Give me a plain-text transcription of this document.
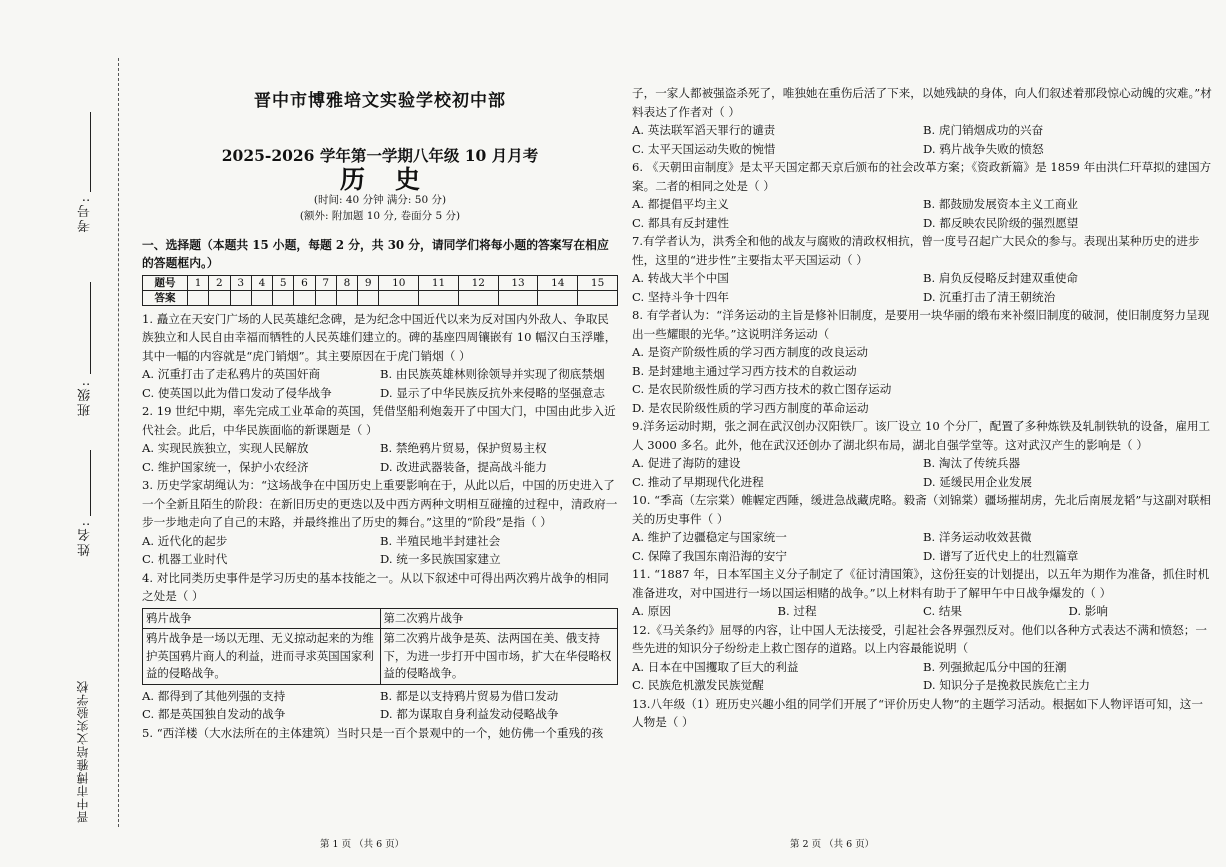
考号:
班级:
姓名:
晋中市博雅培文实验学校
晋中市博雅培文实验学校初中部
2025-2026 学年第一学期八年级 10 月月考
历史
(时间: 40 分钟 满分: 50 分)
(额外: 附加题 10 分, 卷面分 5 分)
一、选择题（本题共 15 小题，每题 2 分，共 30 分，请同学们将每小题的答案写在相应的答题框内。）
题号	1	2	3	4	5	6	7	8	9	10	11	12	13	14	15
答案															
1. 矗立在天安门广场的人民英雄纪念碑，是为纪念中国近代以来为反对国内外敌人、争取民族独立和人民自由幸福而牺牲的人民英雄们建立的。碑的基座四周镶嵌有 10 幅汉白玉浮雕，其中一幅的内容就是“虎门销烟”。其主要原因在于虎门销烟（ ）
A. 沉重打击了走私鸦片的英国奸商	B. 由民族英雄林则徐领导并实现了彻底禁烟
C. 使英国以此为借口发动了侵华战争	D. 显示了中华民族反抗外来侵略的坚强意志
2. 19 世纪中期，率先完成工业革命的英国，凭借坚船利炮轰开了中国大门，中国由此步入近代社会。此后，中华民族面临的新课题是（ ）
A. 实现民族独立，实现人民解放	B. 禁绝鸦片贸易，保护贸易主权
C. 维护国家统一，保护小农经济	D. 改进武器装备，提高战斗能力
3. 历史学家胡绳认为：“这场战争在中国历史上重要影响在于，从此以后，中国的历史进入了一个全新且陌生的阶段：在新旧历史的更迭以及中西方两种文明相互碰撞的过程中，清政府一步一步地走向了自己的末路，并最终推出了历史的舞台。”这里的“阶段”是指（ ）
A. 近代化的起步	B. 半殖民地半封建社会
C. 机器工业时代	D. 统一多民族国家建立
4. 对比同类历史事件是学习历史的基本技能之一。从以下叙述中可得出两次鸦片战争的相同之处是（ ）
鸦片战争	第二次鸦片战争
鸦片战争是一场以无理、无义掠动起来的为维护英国鸦片商人的利益，进而寻求英国国家利益的侵略战争。	第二次鸦片战争是英、法两国在美、俄支持下，为进一步打开中国市场，扩大在华侵略权益的侵略战争。
A. 都得到了其他列强的支持	B. 都是以支持鸦片贸易为借口发动
C. 都是英国独自发动的战争	D. 都为谋取自身利益发动侵略战争
5. “西洋楼（大水法所在的主体建筑）当时只是一百个景观中的一个，她仿佛一个重残的孩
子，一家人都被强盗杀死了，唯独她在重伤后活了下来，以她残缺的身体，向人们叙述着那段惊心动魄的灾难。”材料表达了作者对（ ）
A. 英法联军滔天罪行的谴责	B. 虎门销烟成功的兴奋
C. 太平天国运动失败的惋惜	D. 鸦片战争失败的愤怒
6. 《天朝田亩制度》是太平天国定都天京后颁布的社会改革方案；《资政新篇》是 1859 年由洪仁玕草拟的建国方案。二者的相同之处是（ ）
A. 都提倡平均主义	B. 都鼓励发展资本主义工商业
C. 都具有反封建性	D. 都反映农民阶级的强烈愿望
7.有学者认为，洪秀全和他的战友与腐败的清政权相抗，曾一度号召起广大民众的参与。表现出某种历史的进步性，这里的“进步性”主要指太平天国运动（ ）
A. 转战大半个中国	B. 肩负反侵略反封建双重使命
C. 坚持斗争十四年	D. 沉重打击了清王朝统治
8. 有学者认为：“洋务运动的主旨是修补旧制度，是要用一块华丽的缎布来补缀旧制度的破洞，使旧制度努力呈现出一些耀眼的光华。”这说明洋务运动（
A. 是资产阶级性质的学习西方制度的改良运动
B. 是封建地主通过学习西方技术的自救运动
C. 是农民阶级性质的学习西方技术的救亡图存运动
D. 是农民阶级性质的学习西方制度的革命运动
9.洋务运动时期，张之洞在武汉创办汉阳铁厂。该厂设立 10 个分厂，配置了多种炼铁及轧制铁轨的设备，雇用工人 3000 多名。此外，他在武汉还创办了湖北织布局，湖北自强学堂等。这对武汉产生的影响是（ ）
A. 促进了海防的建设	B. 淘汰了传统兵器
C. 推动了早期现代化进程	D. 延缓民用企业发展
10. “季高（左宗棠）帷幄定西陲，缓进急战藏虎略。毅斋（刘锦棠）疆场摧胡虏，先北后南展龙韬”与这副对联相关的历史事件（ ）
A. 维护了边疆稳定与国家统一	B. 洋务运动收效甚微
C. 保障了我国东南沿海的安宁	D. 谱写了近代史上的壮烈篇章
11. “1887 年，日本军国主义分子制定了《征讨清国策》，这份狂妄的计划提出，以五年为期作为准备，抓住时机准备进攻，对中国进行一场以国运相赌的战争。”以上材料有助于了解甲午中日战争爆发的（ ）
A. 原因	B. 过程	C. 结果	D. 影响
12.《马关条约》屈辱的内容，让中国人无法接受，引起社会各界强烈反对。他们以各种方式表达不满和愤怒；一些先进的知识分子纷纷走上救亡图存的道路。以上内容最能说明（
A. 日本在中国攫取了巨大的利益	B. 列强掀起瓜分中国的狂潮
C. 民族危机激发民族觉醒	D. 知识分子是挽救民族危亡主力
13.八年级（1）班历史兴趣小组的同学们开展了“评价历史人物”的主题学习活动。根据如下人物评语可知，这一人物是（ ）
第 1 页 （共 6 页）	第 2 页 （共 6 页）
